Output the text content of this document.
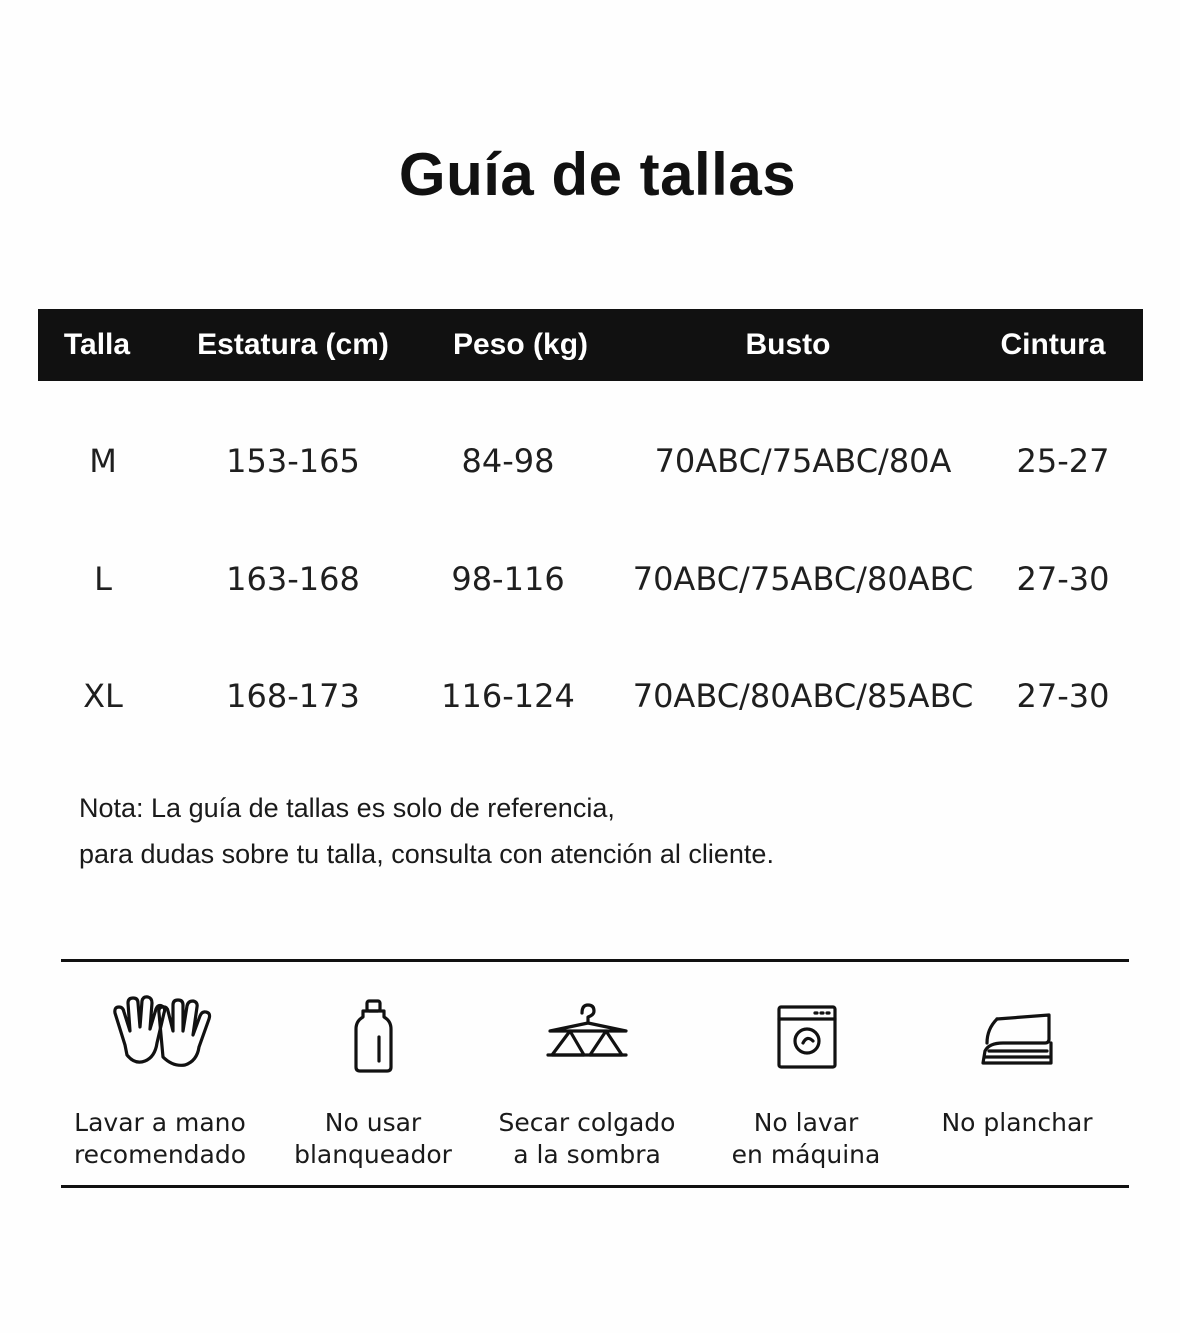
Guía de tallas
Talla	Estatura (cm)	Peso (kg)	Busto	Cintura
M	153-165	84-98	70ABC/75ABC/80A	25-27
L	163-168	98-116	70ABC/75ABC/80ABC	27-30
XL	168-173	116-124	70ABC/80ABC/85ABC	27-30
Nota: La guía de tallas es solo de referencia,
para dudas sobre tu talla, consulta con atención al cliente.
Lavar a mano
recomendado
No usar
blanqueador
Secar colgado
a la sombra
No lavar
en máquina
No planchar
